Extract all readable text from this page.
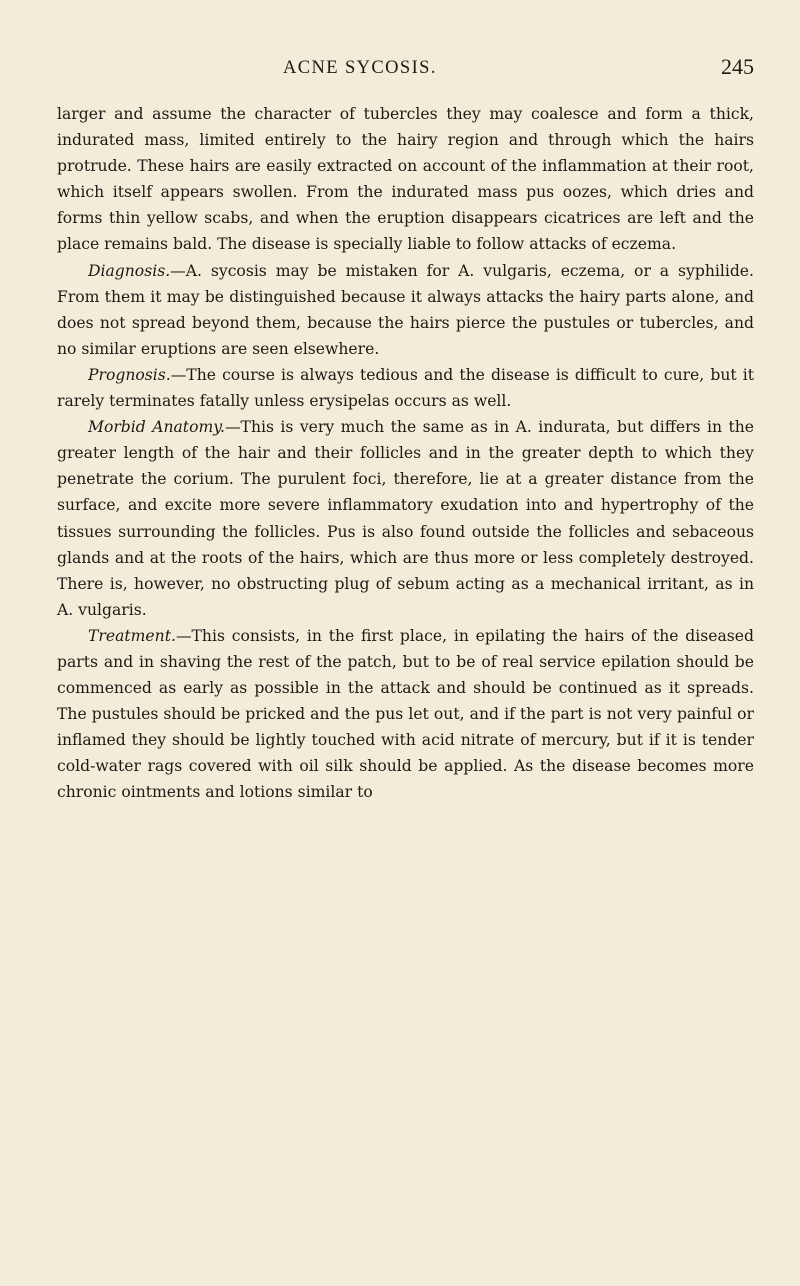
ACNE SYCOSIS.	245

larger and assume the character of tubercles they may coalesce and form a thick, indurated mass, limited entirely to the hairy region and through which the hairs protrude. These hairs are easily extracted on account of the inflammation at their root, which itself appears swollen. From the indurated mass pus oozes, which dries and forms thin yellow scabs, and when the eruption disappears cicatrices are left and the place remains bald. The disease is specially liable to follow attacks of eczema.

Diagnosis.—A. sycosis may be mistaken for A. vulgaris, eczema, or a syphilide. From them it may be distinguished because it always attacks the hairy parts alone, and does not spread beyond them, because the hairs pierce the pustules or tubercles, and no similar eruptions are seen elsewhere.

Prognosis.—The course is always tedious and the disease is difficult to cure, but it rarely terminates fatally unless erysipelas occurs as well.

Morbid Anatomy.—This is very much the same as in A. indurata, but differs in the greater length of the hair and their follicles and in the greater depth to which they penetrate the corium. The purulent foci, therefore, lie at a greater distance from the surface, and excite more severe inflammatory exudation into and hypertrophy of the tissues surrounding the follicles. Pus is also found outside the follicles and sebaceous glands and at the roots of the hairs, which are thus more or less completely destroyed. There is, however, no obstructing plug of sebum acting as a mechanical irritant, as in A. vulgaris.

Treatment.—This consists, in the first place, in epilating the hairs of the diseased parts and in shaving the rest of the patch, but to be of real service epilation should be commenced as early as possible in the attack and should be continued as it spreads. The pustules should be pricked and the pus let out, and if the part is not very painful or inflamed they should be lightly touched with acid nitrate of mercury, but if it is tender cold-water rags covered with oil silk should be applied. As the disease becomes more chronic ointments and lotions similar to
